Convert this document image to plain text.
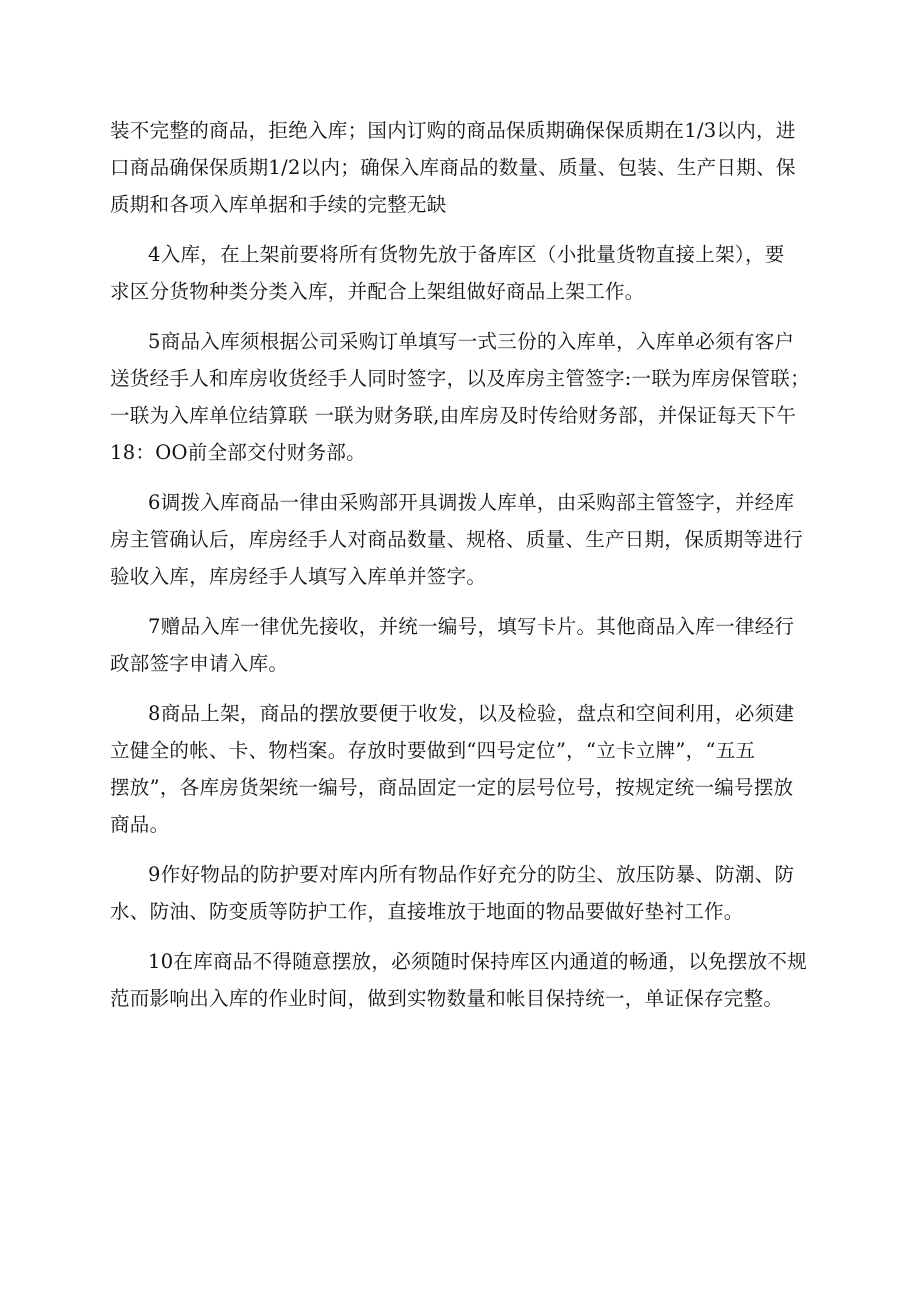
装不完整的商品，拒绝入库；国内订购的商品保质期确保保质期在1/3以内，进
口商品确保保质期1/2以内；确保入库商品的数量、质量、包装、生产日期、保
质期和各项入库单据和手续的完整无缺

4入库，在上架前要将所有货物先放于备库区（小批量货物直接上架），要
求区分货物种类分类入库，并配合上架组做好商品上架工作。

5商品入库须根据公司采购订单填写一式三份的入库单，入库单必须有客户
送货经手人和库房收货经手人同时签字，以及库房主管签字:一联为库房保管联；
一联为入库单位结算联 一联为财务联,由库房及时传给财务部，并保证每天下午
18：OO前全部交付财务部。

6调拨入库商品一律由采购部开具调拨人库单，由采购部主管签字，并经库
房主管确认后，库房经手人对商品数量、规格、质量、生产日期，保质期等进行
验收入库，库房经手人填写入库单并签字。

7赠品入库一律优先接收，并统一编号，填写卡片。其他商品入库一律经行
政部签字申请入库。

8商品上架，商品的摆放要便于收发，以及检验，盘点和空间利用，必须建
立健全的帐、卡、物档案。存放时要做到“四号定位”，“立卡立牌”，“五五
摆放”，各库房货架统一编号，商品固定一定的层号位号，按规定统一编号摆放
商品。

9作好物品的防护要对库内所有物品作好充分的防尘、放压防暴、防潮、防
水、防油、防变质等防护工作，直接堆放于地面的物品要做好垫衬工作。

10在库商品不得随意摆放，必须随时保持库区内通道的畅通，以免摆放不规
范而影响出入库的作业时间，做到实物数量和帐目保持统一，单证保存完整。
